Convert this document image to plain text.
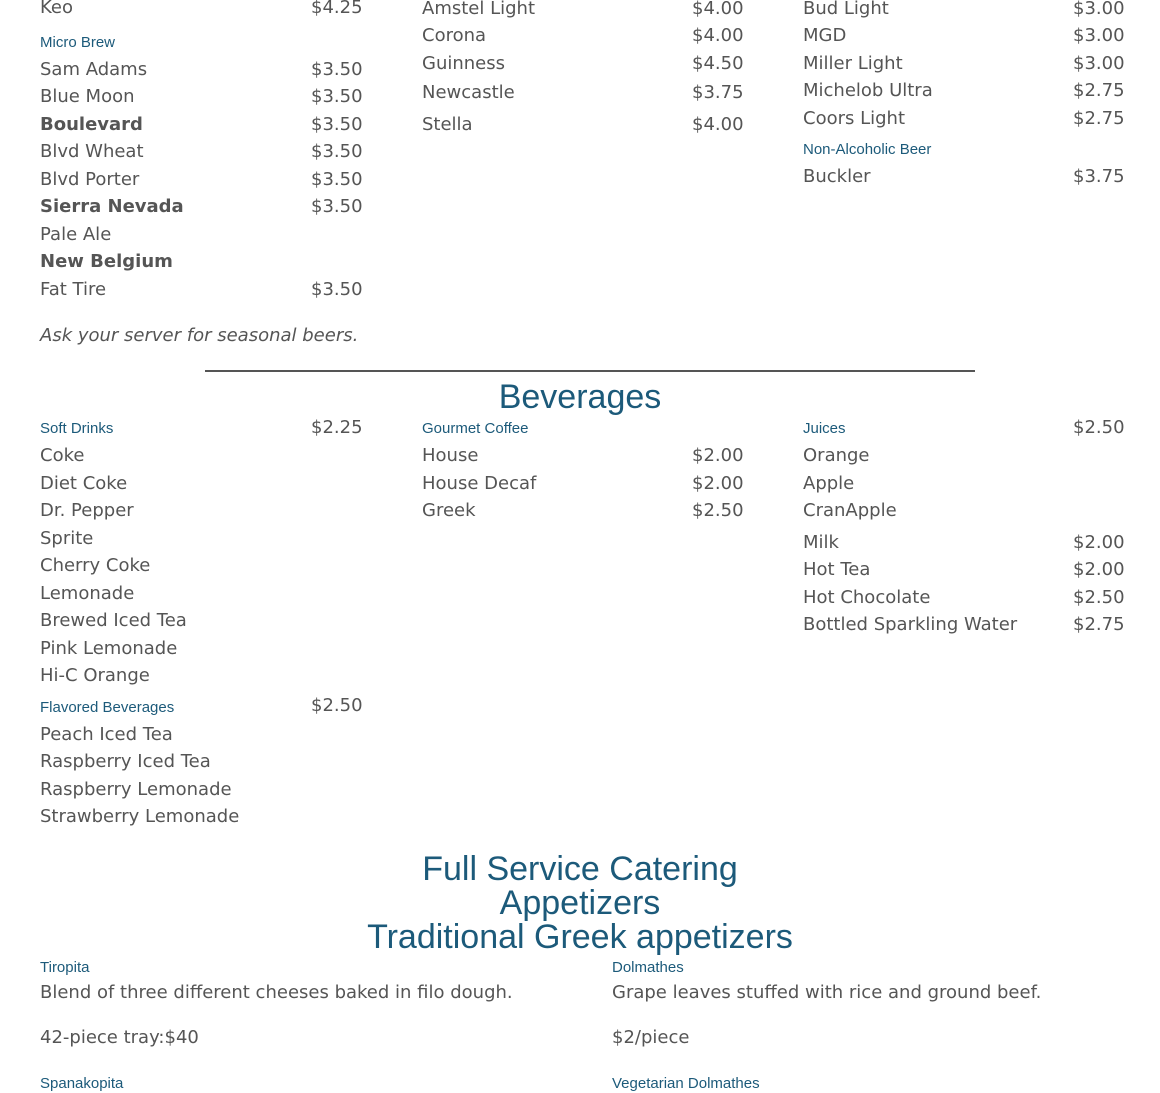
Keo	$4.25
Micro Brew
Sam Adams	$3.50
Blue Moon	$3.50
Boulevard	$3.50
Blvd Wheat	$3.50
Blvd Porter	$3.50
Sierra Nevada	$3.50
Pale Ale
New Belgium
Fat Tire	$3.50
Amstel Light	$4.00
Corona	$4.00
Guinness	$4.50
Newcastle	$3.75
Stella	$4.00
Bud Light	$3.00
MGD	$3.00
Miller Light	$3.00
Michelob Ultra	$2.75
Coors Light	$2.75
Non-Alcoholic Beer
Buckler	$3.75
Ask your server for seasonal beers.
Beverages
Soft Drinks	$2.25
Coke
Diet Coke
Dr. Pepper
Sprite
Cherry Coke
Lemonade
Brewed Iced Tea
Pink Lemonade
Hi-C Orange
Flavored Beverages	$2.50
Peach Iced Tea
Raspberry Iced Tea
Raspberry Lemonade
Strawberry Lemonade
Gourmet Coffee
House	$2.00
House Decaf	$2.00
Greek	$2.50
Juices	$2.50
Orange
Apple
CranApple
Milk	$2.00
Hot Tea	$2.00
Hot Chocolate	$2.50
Bottled Sparkling Water	$2.75
Full Service Catering
Appetizers
Traditional Greek appetizers
Tiropita
Blend of three different cheeses baked in filo dough.
42-piece tray:$40
Dolmathes
Grape leaves stuffed with rice and ground beef.
$2/piece
Spanakopita	Vegetarian Dolmathes
